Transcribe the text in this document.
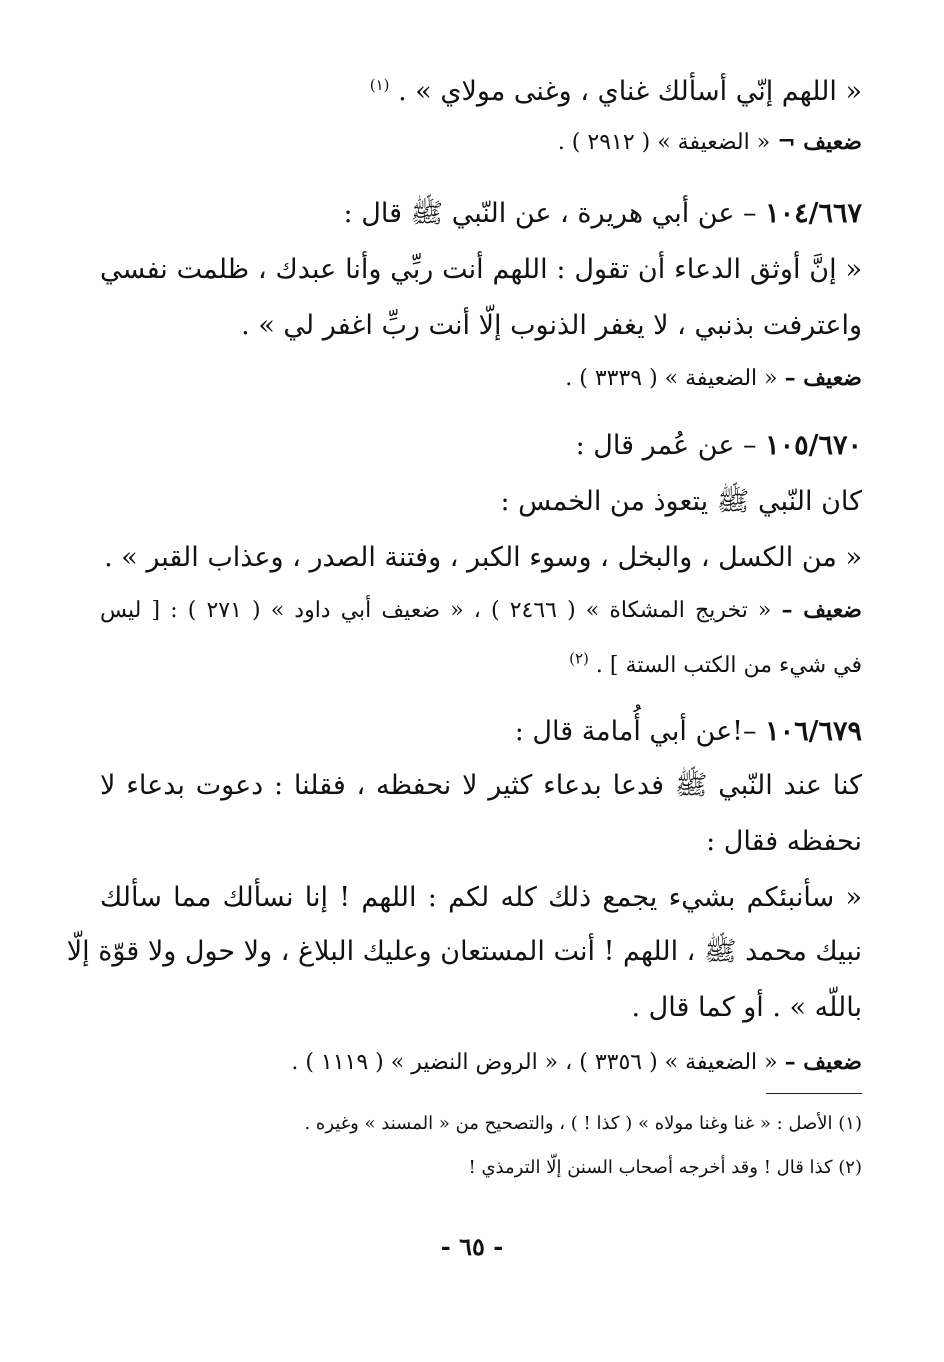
« اللهم إنّي أسألك غناي ، وغنى مولاي » . $^{(١)}$
ضعيف ¬ « الضعيفة » ( ٢٩١٢ ) .
١٠٤/٦٦٧ – عن أبي هريرة ، عن النّبي ﷺ قال :
« إنَّ أوثق الدعاء أن تقول : اللهم أنت ربِّي وأنا عبدك ، ظلمت نفسي
واعترفت بذنبي ، لا يغفر الذنوب إلّا أنت ربِّ اغفر لي » .
ضعيف – « الضعيفة » ( ٣٣٣٩ ) .
١٠٥/٦٧٠ – عن عُمر قال :
كان النّبي ﷺ يتعوذ من الخمس :
« من الكسل ، والبخل ، وسوء الكبر ، وفتنة الصدر ، وعذاب القبر » .
ضعيف – « تخريج المشكاة » ( ٢٤٦٦ ) ، « ضعيف أبي داود » ( ٢٧١ ) : [ ليس
في شيء من الكتب الستة ] . $^{(٢)}$
١٠٦/٦٧٩ –!عن أبي أُمامة قال :
كنا عند النّبي ﷺ فدعا بدعاء كثير لا نحفظه ، فقلنا : دعوت بدعاء لا
نحفظه فقال :
« سأنبئكم بشيء يجمع ذلك كله لكم : اللهم ! إنا نسألك مما سألك
نبيك محمد ﷺ ، اللهم ! أنت المستعان وعليك البلاغ ، ولا حول ولا قوّة إلّا
باللّه » . أو كما قال .
ضعيف – « الضعيفة » ( ٣٣٥٦ ) ، « الروض النضير » ( ١١١٩ ) .
(١) الأصل : « غنا وغنا مولاه » ( كذا ! ) ، والتصحيح من « المسند » وغيره .
(٢) كذا قال ! وقد أخرجه أصحاب السنن إلّا الترمذي !
- ٦٥ -
